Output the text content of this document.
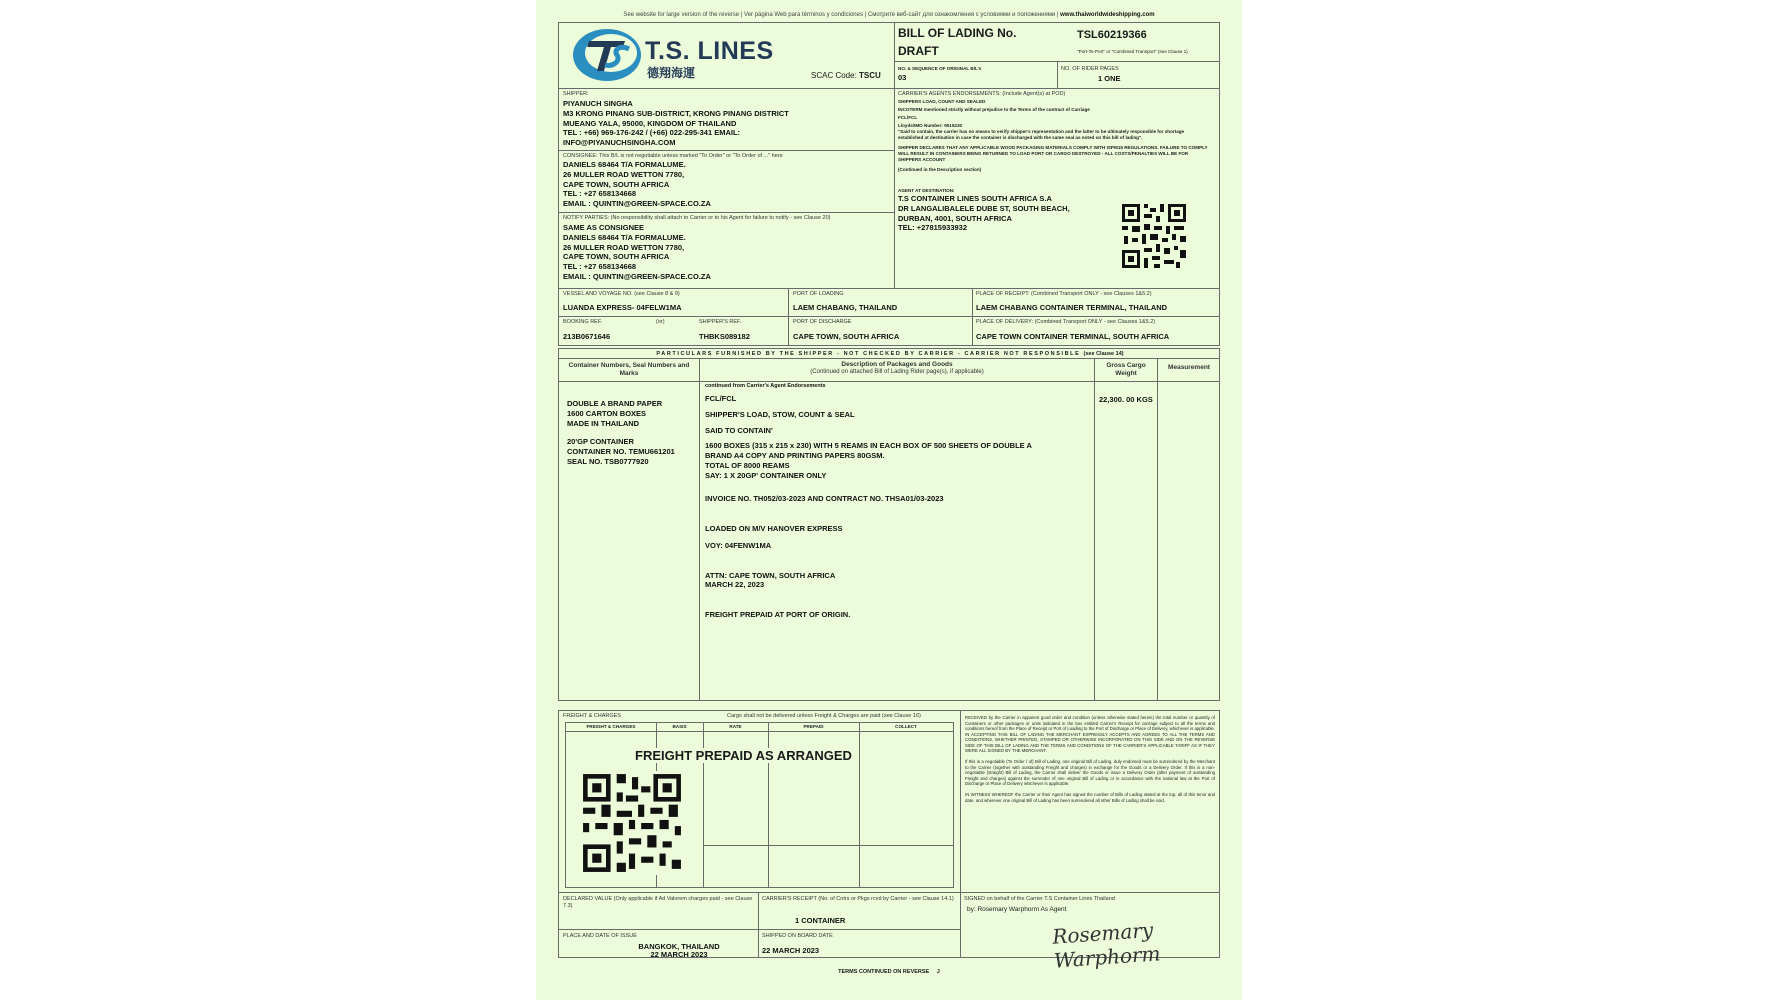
See website for large version of the reverse | Ver página Web para términos y condiciones | Смотрите веб-сайт для ознакомления с условиями и положениями | www.thaiworldwideshipping.com
T.S. LINES
德翔海運	SCAC Code: TSCU
BILL OF LADING No.
DRAFT
TSL60219366
"Port-To-Port" or "Combined Transport" (see Clause 1)
NO. & SEQUENCE OF ORIGINAL B/L's
03
NO. OF RIDER PAGES
1 ONE
SHIPPER:
PIYANUCH SINGHA
M3 KRONG PINANG SUB-DISTRICT, KRONG PINANG DISTRICT
MUEANG YALA, 95000, KINGDOM OF THAILAND
TEL : +66) 969-176-242 / (+66) 022-295-341 EMAIL:
INFO@PIYANUCHSINGHA.COM
CONSIGNEE: This B/L is not negotiable unless marked "To Order" or "To Order of ..." here
DANIELS 68464 T/A FORMALUME.
26 MULLER ROAD WETTON 7780,
CAPE TOWN, SOUTH AFRICA
TEL : +27 658134668
EMAIL : QUINTIN@GREEN-SPACE.CO.ZA
NOTIFY PARTIES: (No responsibility shall attach to Carrier or to his Agent for failure to notify - see Clause 20)
SAME AS CONSIGNEE
DANIELS 68464 T/A FORMALUME.
26 MULLER ROAD WETTON 7780,
CAPE TOWN, SOUTH AFRICA
TEL : +27 658134668
EMAIL : QUINTIN@GREEN-SPACE.CO.ZA
CARRIER'S AGENTS ENDORSEMENTS: (Include Agent(s) at POD)
SHIPPERS LOAD, COUNT AND SEALED
INCOTERM mentioned strictly without prejudice to the Terms of the contract of Carriage
FCL/FCL
Lloyds/IMO Number: 9015230
"Said to contain, the carrier has no means to verify shipper's representation and the latter to be ultimately responsible for shortage established at destination in case the container is discharged with the same seal as noted on this bill of lading".
SHIPPER DECLARES THAT ANY APPLICABLE WOOD PACKAGING MATERIALS COMPLY WITH ISPM15 REGULATIONS. FAILURE TO COMPLY WILL RESULT IN CONTAINERS BEING RETURNED TO LOAD PORT OR CARGO DESTROYED - ALL COSTS/PENALTIES WILL BE FOR SHIPPERS ACCOUNT
(Continued in the Description section)
AGENT AT DESTINATION:
T.S CONTAINER LINES SOUTH AFRICA S.A
DR LANGALIBALELE DUBE ST, SOUTH BEACH,
DURBAN, 4001, SOUTH AFRICA
TEL: +27815933932
VESSEL AND VOYAGE NO. (see Clause 8 & 9)
LUANDA EXPRESS- 04FELW1MA
PORT OF LOADING
LAEM CHABANG, THAILAND
PLACE OF RECEIPT: (Combined Transport ONLY - see Clauses 1&5.2)
LAEM CHABANG CONTAINER TERMINAL, THAILAND
BOOKING REF.	(or)	SHIPPER'S REF.
213B0671646	THBKS089182
PORT OF DISCHARGE
CAPE TOWN, SOUTH AFRICA
PLACE OF DELIVERY: (Combined Transport ONLY - see Clauses 1&5.2)
CAPE TOWN CONTAINER TERMINAL, SOUTH AFRICA
PARTICULARS FURNISHED BY THE SHIPPER - NOT CHECKED BY CARRIER - CARRIER NOT RESPONSIBLE (see Clause 14)
Container Numbers, Seal Numbers and Marks
Description of Packages and Goods
(Continued on attached Bill of Lading Rider page(s), if applicable)
Gross Cargo Weight
Measurement
DOUBLE A BRAND PAPER
1600 CARTON BOXES
MADE IN THAILAND
20'GP CONTAINER
CONTAINER NO. TEMU661201
SEAL NO. TSB0777920
continued from Carrier's Agent Endorsements
FCL/FCL
SHIPPER'S LOAD, STOW, COUNT & SEAL
SAID TO CONTAIN'
1600 BOXES (315 x 215 x 230) WITH 5 REAMS IN EACH BOX OF 500 SHEETS OF DOUBLE A
BRAND A4 COPY AND PRINTING PAPERS 80GSM.
TOTAL OF 8000 REAMS
SAY: 1 X 20GP' CONTAINER ONLY
INVOICE NO. TH052/03-2023 AND CONTRACT NO. THSA01/03-2023
LOADED ON M/V HANOVER EXPRESS
VOY: 04FENW1MA
ATTN: CAPE TOWN, SOUTH AFRICA
MARCH 22, 2023
FREIGHT PREPAID AT PORT OF ORIGIN.
22,300. 00 KGS
FREIGHT & CHARGES	Cargo shall not be delivered unless Freight & Charges are paid (see Clause 16)
FREIGHT & CHARGES	BASIS	RATE	PREPAID	COLLECT
FREIGHT PREPAID AS ARRANGED
RECEIVED by the Carrier in apparent good order and condition (unless otherwise stated herein) the total number or quantity of Containers or other packages or units indicated in the box entitled Carrier's Receipt for carriage subject to all the terms and conditions hereof from the Place of Receipt or Port of Loading to the Port of Discharge or Place of Delivery, whichever is applicable. IN ACCEPTING THIS BILL OF LADING THE MERCHANT EXPRESSLY ACCEPTS AND AGREES TO ALL THE TERMS AND CONDITIONS, WHETHER PRINTED, STAMPED OR OTHERWISE INCORPORATED ON THIS SIDE AND ON THE REVERSE SIDE OF THIS BILL OF LADING AND THE TERMS AND CONDITIONS OF THE CARRIER'S APPLICABLE TARIFF AS IF THEY WERE ALL SIGNED BY THE MERCHANT.
If this is a negotiable (To Order / of) Bill of Lading, one original Bill of Lading, duly endorsed must be surrendered by the Merchant to the Carrier (together with outstanding Freight and charges) in exchange for the Goods or a Delivery Order. If this is a non-negotiable (straight) Bill of Lading, the Carrier shall deliver the Goods or issue a Delivery Order (after payment of outstanding Freight and charges) against the surrender of one original Bill of Lading or in accordance with the national law at the Port of Discharge or Place of Delivery whichever is applicable.
IN WITNESS WHEREOF the Carrier or their Agent has signed the number of Bills of Lading stated at the top, all of this tenor and date, and wherever one original Bill of Lading has been surrendered all other Bills of Lading shall be void.
DECLARED VALUE (Only applicable if Ad Valorem charges paid - see Clause 7.3)
CARRIER'S RECEIPT (No. of Cntrs or Pkgs rcvd by Carrier - see Clause 14.1)
1 CONTAINER
PLACE AND DATE OF ISSUE
BANGKOK, THAILAND
22 MARCH 2023
SHIPPED ON BOARD DATE
22 MARCH 2023
SIGNED on behalf of the Carrier T.S Container Lines Thailand
by: Rosemary Warphorm As Agent
Rosemary Warphorm
TERMS CONTINUED ON REVERSE J
